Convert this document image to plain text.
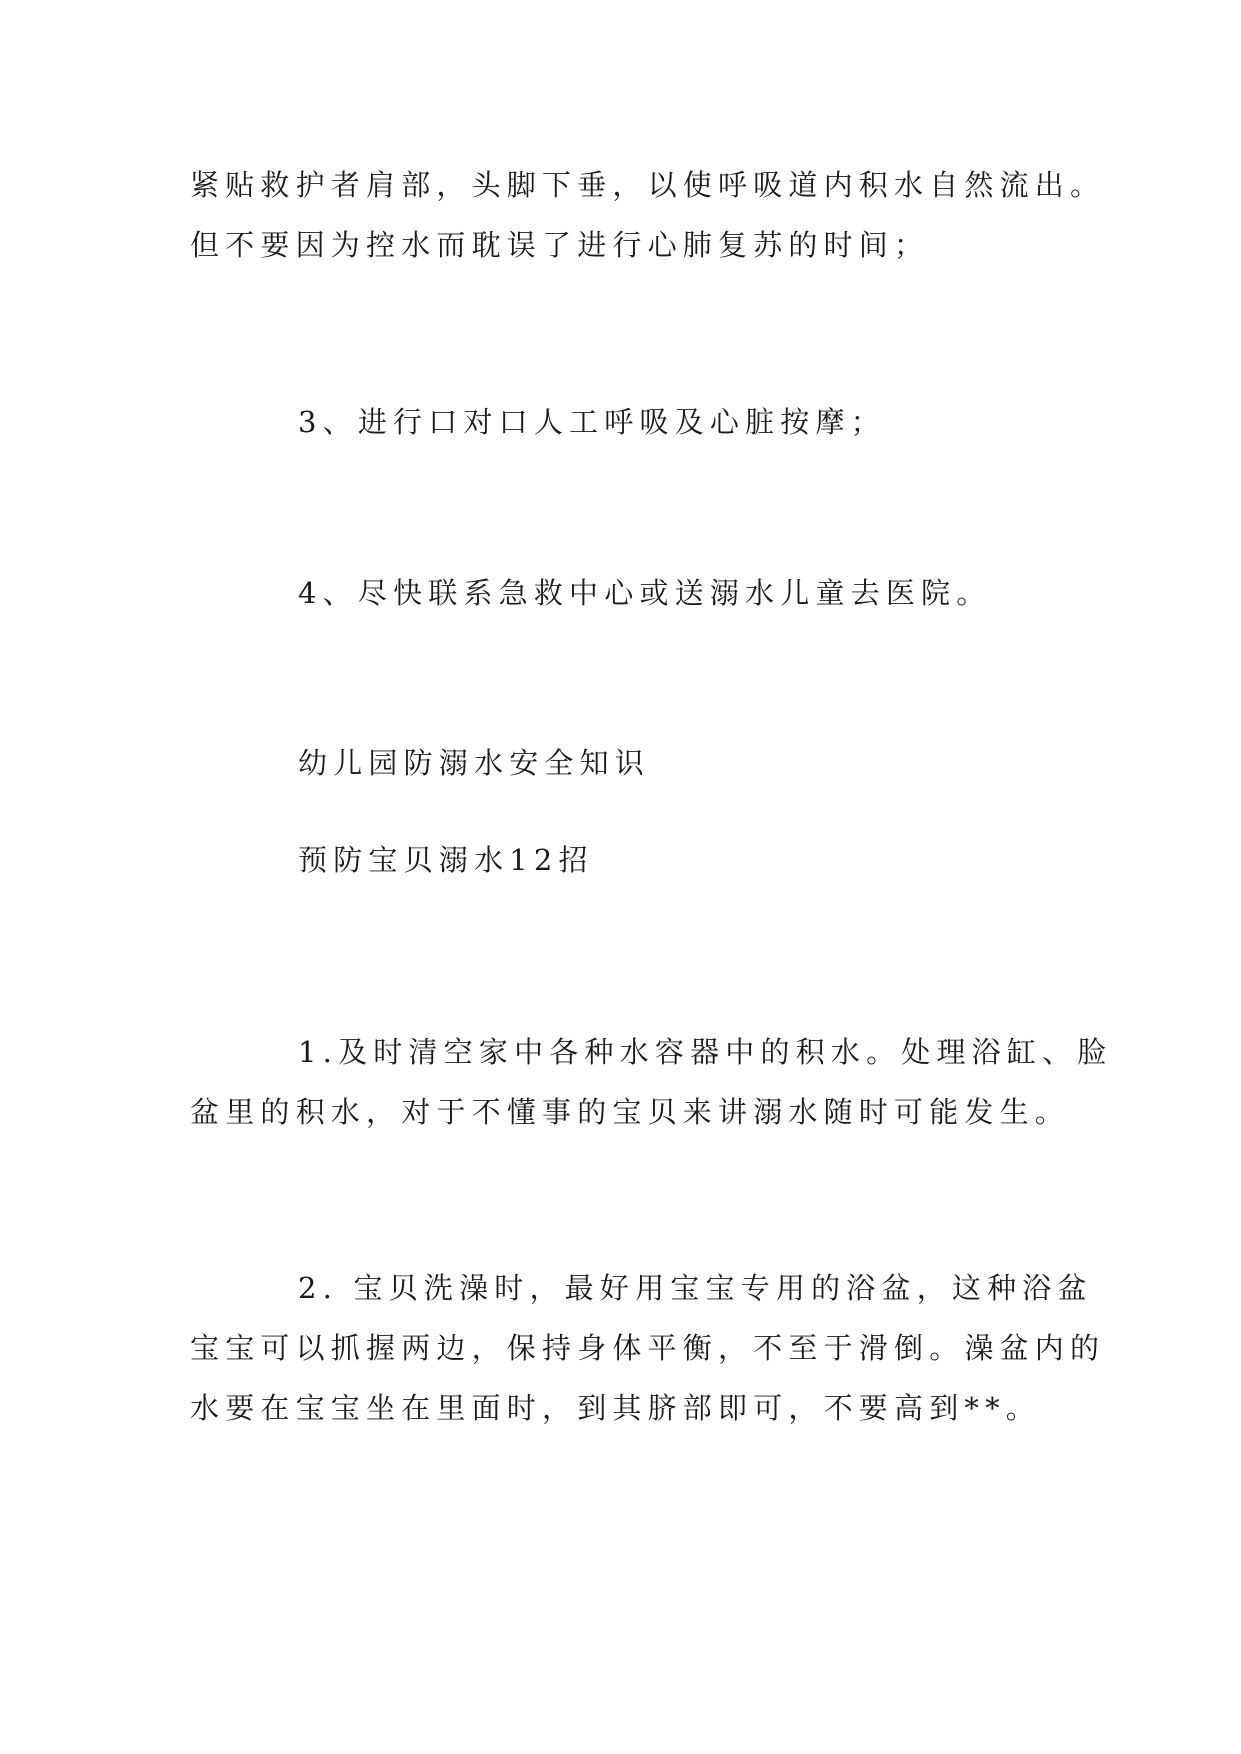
紧贴救护者肩部，头脚下垂，以使呼吸道内积水自然流出。
但不要因为控水而耽误了进行心肺复苏的时间；
3、进行口对口人工呼吸及心脏按摩；
4、尽快联系急救中心或送溺水儿童去医院。
幼儿园防溺水安全知识
预防宝贝溺水12招
1.及时清空家中各种水容器中的积水。处理浴缸、脸
盆里的积水，对于不懂事的宝贝来讲溺水随时可能发生。
2. 宝贝洗澡时，最好用宝宝专用的浴盆，这种浴盆
宝宝可以抓握两边，保持身体平衡，不至于滑倒。澡盆内的
水要在宝宝坐在里面时，到其脐部即可，不要高到**。
